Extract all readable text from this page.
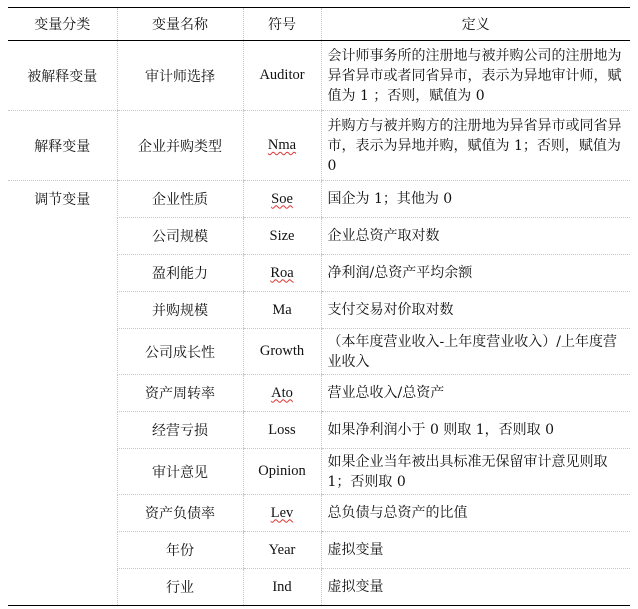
变量分类	变量名称	符号	定义
被解释变量	审计师选择	Auditor	会计师事务所的注册地与被并购公司的注册地为异省异市或者同省异市，表示为异地审计师，赋值为 1 ；否则，赋值为 0
解释变量	企业并购类型	Nma	并购方与被并购方的注册地为异省异市或同省异市，表示为异地并购，赋值为 1；否则，赋值为 0
调节变量	企业性质	Soe	国企为 1；其他为 0
	公司规模	Size	企业总资产取对数
	盈利能力	Roa	净利润/总资产平均余额
	并购规模	Ma	支付交易对价取对数
	公司成长性	Growth	（本年度营业收入-上年度营业收入）/上年度营业收入
	资产周转率	Ato	营业总收入/总资产
	经营亏损	Loss	如果净利润小于 0 则取 1，否则取 0
	审计意见	Opinion	如果企业当年被出具标准无保留审计意见则取 1；否则取 0
	资产负债率	Lev	总负债与总资产的比值
	年份	Year	虚拟变量
	行业	Ind	虚拟变量
